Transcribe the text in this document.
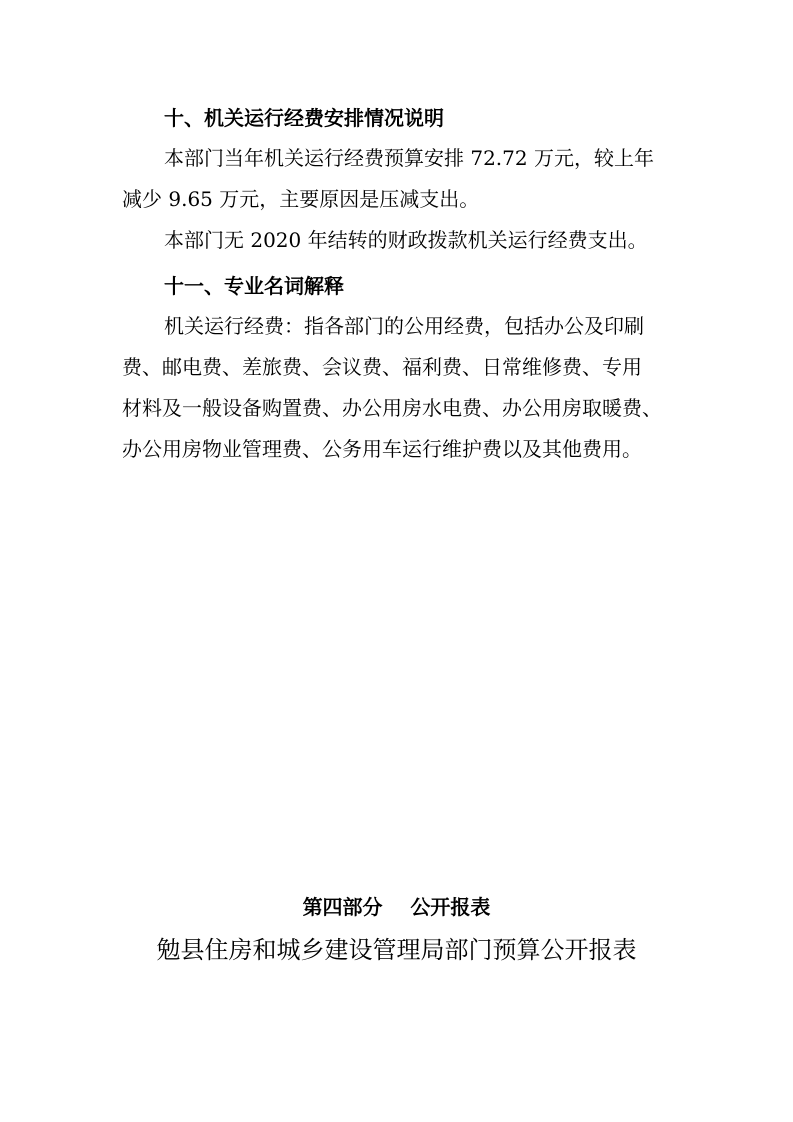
十、机关运行经费安排情况说明
本部门当年机关运行经费预算安排 72.72 万元，较上年
减少 9.65 万元，主要原因是压减支出。
本部门无 2020 年结转的财政拨款机关运行经费支出。
十一、专业名词解释
机关运行经费：指各部门的公用经费，包括办公及印刷
费、邮电费、差旅费、会议费、福利费、日常维修费、专用
材料及一般设备购置费、办公用房水电费、办公用房取暖费、
办公用房物业管理费、公务用车运行维护费以及其他费用。
第四部分    公开报表
勉县住房和城乡建设管理局部门预算公开报表
